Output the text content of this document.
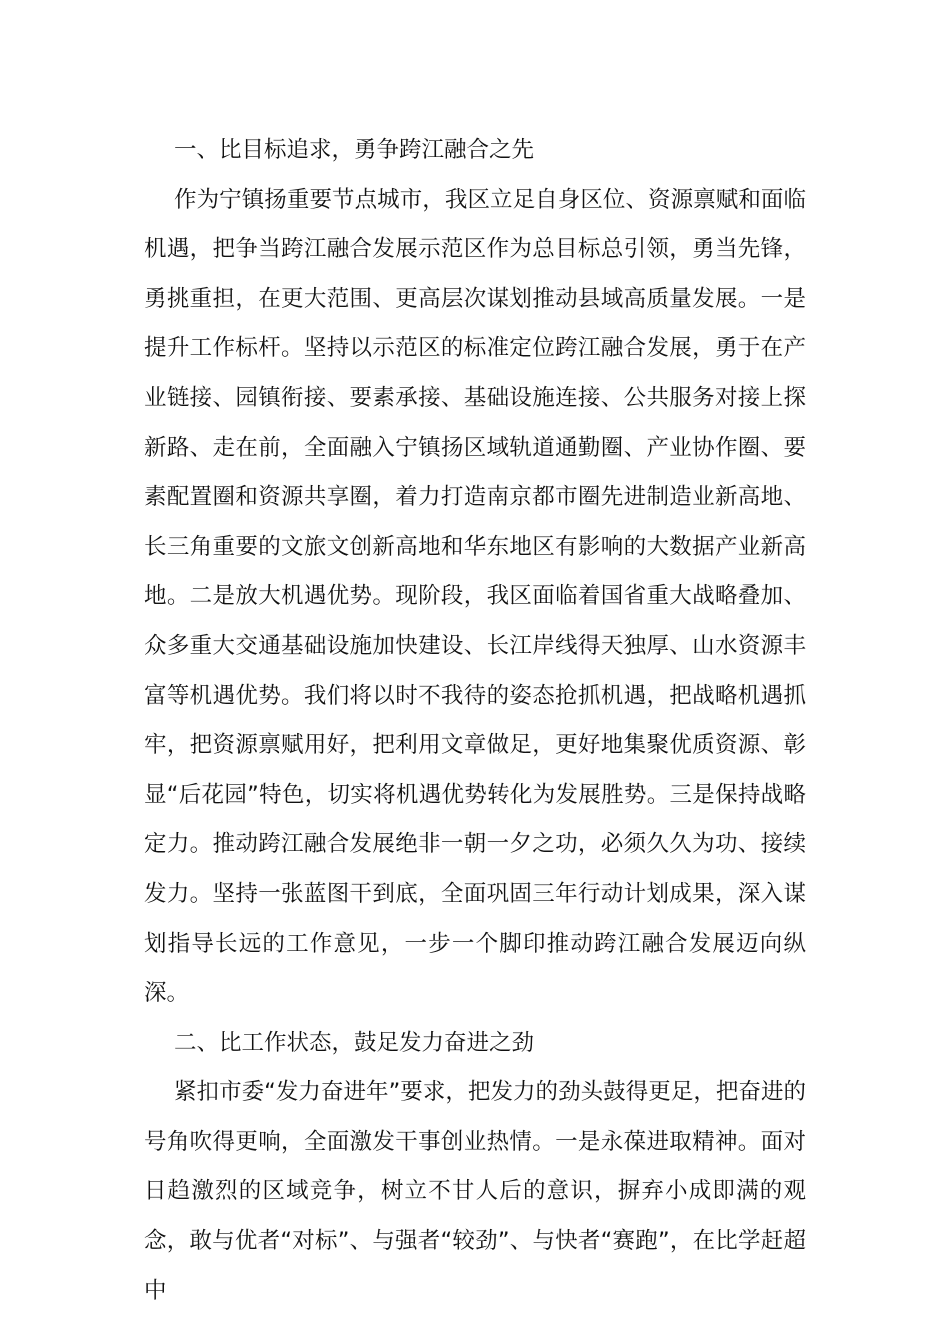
一、比目标追求，勇争跨江融合之先

作为宁镇扬重要节点城市，我区立足自身区位、资源禀赋和面临机遇，把争当跨江融合发展示范区作为总目标总引领，勇当先锋，勇挑重担，在更大范围、更高层次谋划推动县域高质量发展。一是提升工作标杆。坚持以示范区的标准定位跨江融合发展，勇于在产业链接、园镇衔接、要素承接、基础设施连接、公共服务对接上探新路、走在前，全面融入宁镇扬区域轨道通勤圈、产业协作圈、要素配置圈和资源共享圈，着力打造南京都市圈先进制造业新高地、长三角重要的文旅文创新高地和华东地区有影响的大数据产业新高地。二是放大机遇优势。现阶段，我区面临着国省重大战略叠加、众多重大交通基础设施加快建设、长江岸线得天独厚、山水资源丰富等机遇优势。我们将以时不我待的姿态抢抓机遇，把战略机遇抓牢，把资源禀赋用好，把利用文章做足，更好地集聚优质资源、彰显“后花园”特色，切实将机遇优势转化为发展胜势。三是保持战略定力。推动跨江融合发展绝非一朝一夕之功，必须久久为功、接续发力。坚持一张蓝图干到底，全面巩固三年行动计划成果，深入谋划指导长远的工作意见，一步一个脚印推动跨江融合发展迈向纵深。

二、比工作状态，鼓足发力奋进之劲

紧扣市委“发力奋进年”要求，把发力的劲头鼓得更足，把奋进的号角吹得更响，全面激发干事创业热情。一是永葆进取精神。面对日趋激烈的区域竞争，树立不甘人后的意识，摒弃小成即满的观念，敢与优者“对标”、与强者“较劲”、与快者“赛跑”，在比学赶超中
